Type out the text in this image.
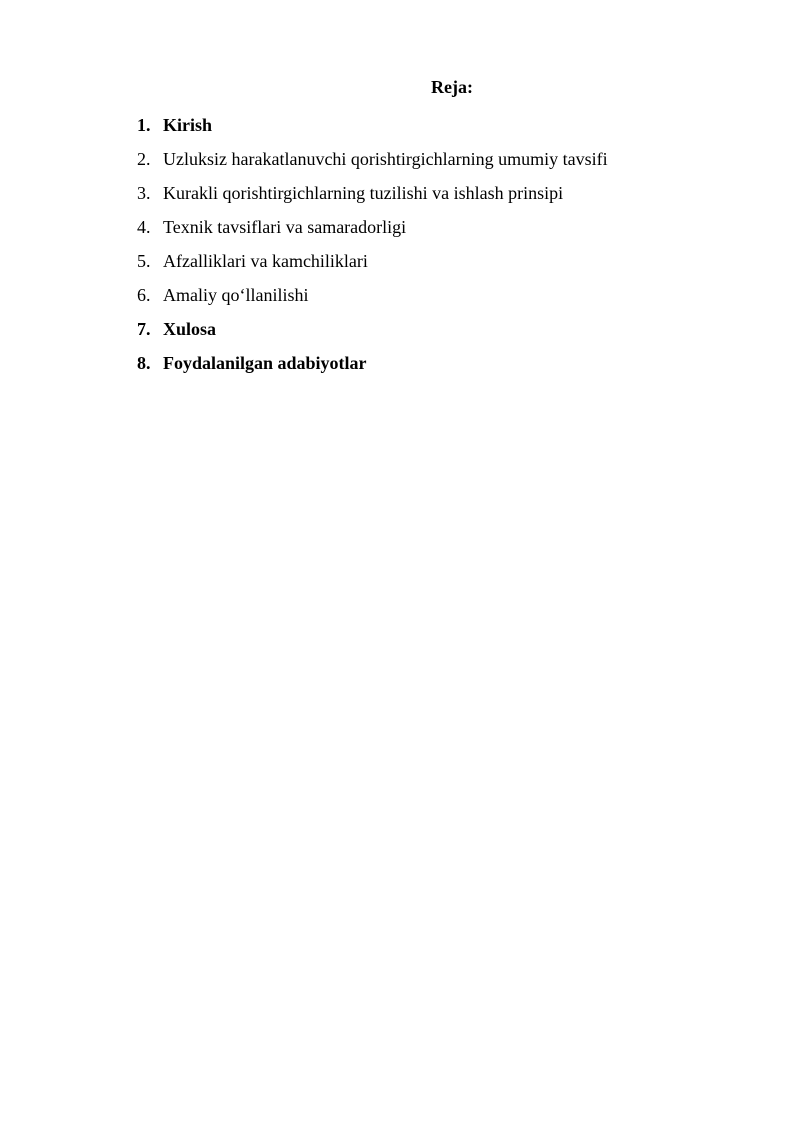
Reja:
1. Kirish
2. Uzluksiz harakatlanuvchi qorishtirgichlarning umumiy tavsifi
3. Kurakli qorishtirgichlarning tuzilishi va ishlash prinsipi
4. Texnik tavsiflari va samaradorligi
5. Afzalliklari va kamchiliklari
6. Amaliy qo‘llanilishi
7. Xulosa
8. Foydalanilgan adabiyotlar
